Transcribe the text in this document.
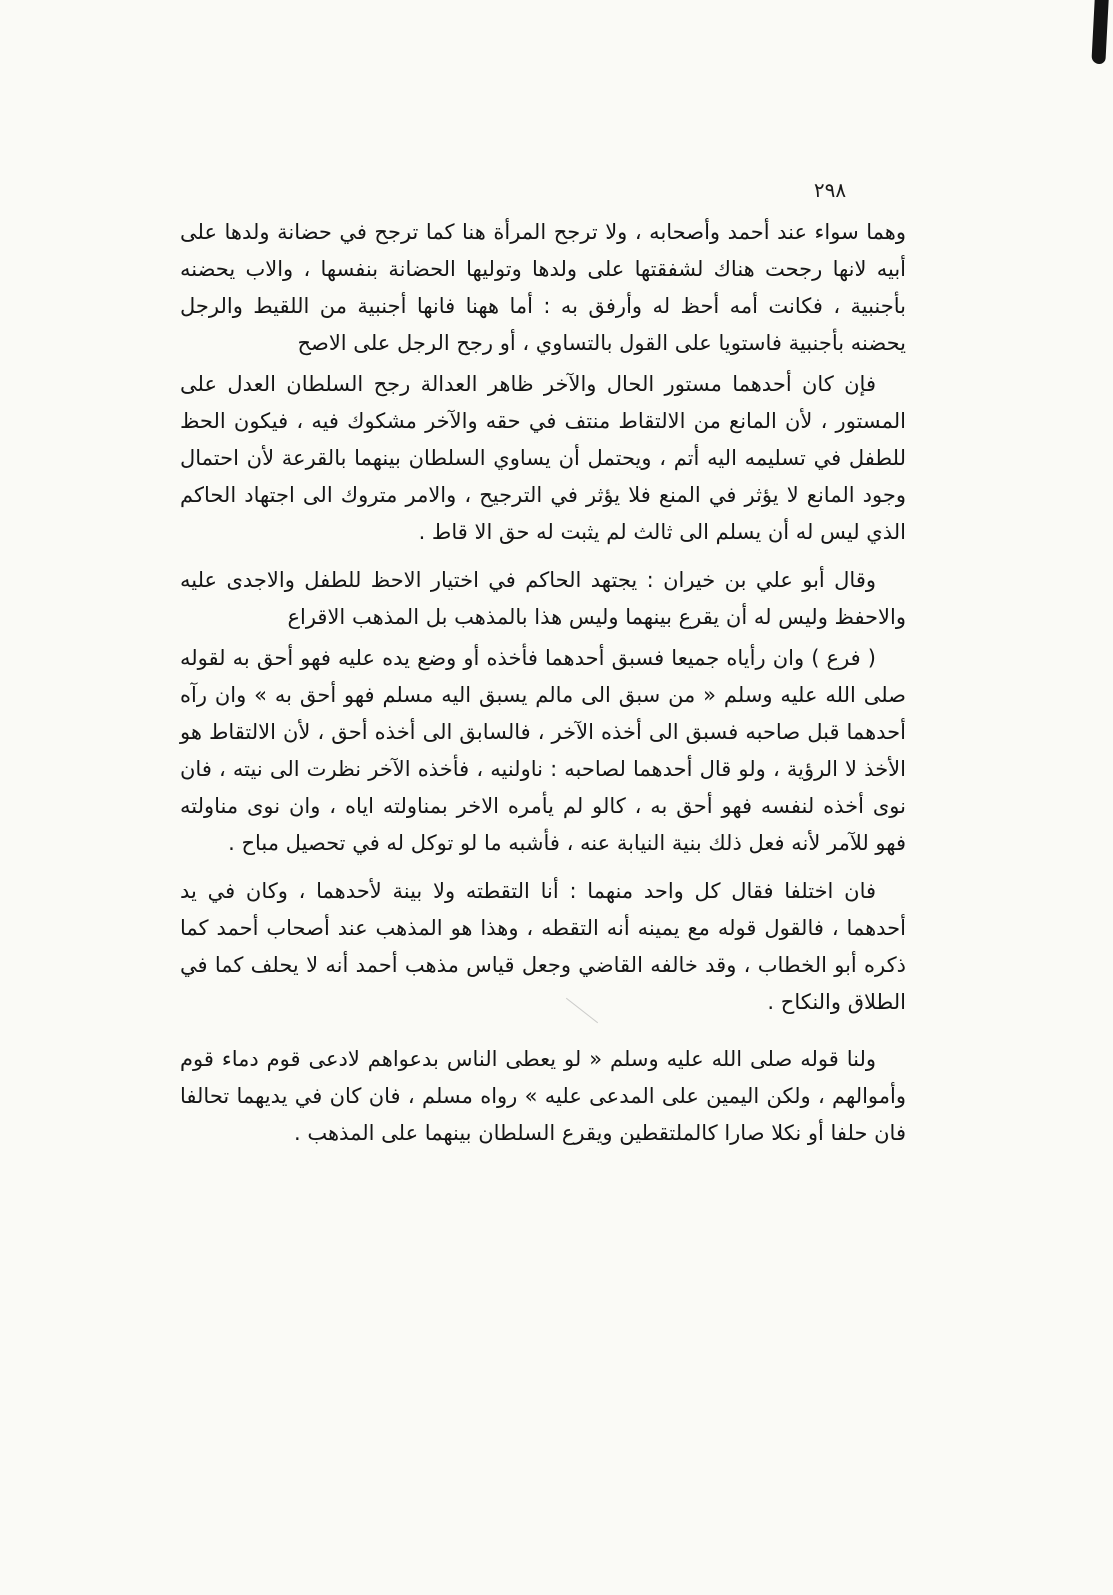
٢٩٨

وهما سواء عند أحمد وأصحابه ، ولا ترجح المرأة هنا كما ترجح في حضانة ولدها على أبيه لانها رجحت هناك لشفقتها على ولدها وتوليها الحضانة بنفسها ، والاب يحضنه بأجنبية ، فكانت أمه أحظ له وأرفق به : أما ههنا فانها أجنبية من اللقيط والرجل يحضنه بأجنبية فاستويا على القول بالتساوي ، أو رجح الرجل على الاصح

فإن كان أحدهما مستور الحال والآخر ظاهر العدالة رجح السلطان العدل على المستور ، لأن المانع من الالتقاط منتف في حقه والآخر مشكوك فيه ، فيكون الحظ للطفل في تسليمه اليه أتم ، ويحتمل أن يساوي السلطان بينهما بالقرعة لأن احتمال وجود المانع لا يؤثر في المنع فلا يؤثر في الترجيح ، والامر متروك الى اجتهاد الحاكم الذي ليس له أن يسلم الى ثالث لم يثبت له حق الا قاط .

وقال أبو علي بن خيران : يجتهد الحاكم في اختيار الاحظ للطفل والاجدى عليه والاحفظ وليس له أن يقرع بينهما وليس هذا بالمذهب بل المذهب الاقراع

( فرع ) وان رأياه جميعا فسبق أحدهما فأخذه أو وضع يده عليه فهو أحق به لقوله صلى الله عليه وسلم « من سبق الى مالم يسبق اليه مسلم فهو أحق به » وان رآه أحدهما قبل صاحبه فسبق الى أخذه الآخر ، فالسابق الى أخذه أحق ، لأن الالتقاط هو الأخذ لا الرؤية ، ولو قال أحدهما لصاحبه : ناولنيه ، فأخذه الآخر نظرت الى نيته ، فان نوى أخذه لنفسه فهو أحق به ، كالو لم يأمره الاخر بمناولته اياه ، وان نوى مناولته فهو للآمر لأنه فعل ذلك بنية النيابة عنه ، فأشبه ما لو توكل له في تحصيل مباح .

فان اختلفا فقال كل واحد منهما : أنا التقطته ولا بينة لأحدهما ، وكان في يد أحدهما ، فالقول قوله مع يمينه أنه التقطه ، وهذا هو المذهب عند أصحاب أحمد كما ذكره أبو الخطاب ، وقد خالفه القاضي وجعل قياس مذهب أحمد أنه لا يحلف كما في الطلاق والنكاح .

ولنا قوله صلى الله عليه وسلم « لو يعطى الناس بدعواهم لادعى قوم دماء قوم وأموالهم ، ولكن اليمين على المدعى عليه » رواه مسلم ، فان كان في يديهما تحالفا فان حلفا أو نكلا صارا كالملتقطين ويقرع السلطان بينهما على المذهب .
